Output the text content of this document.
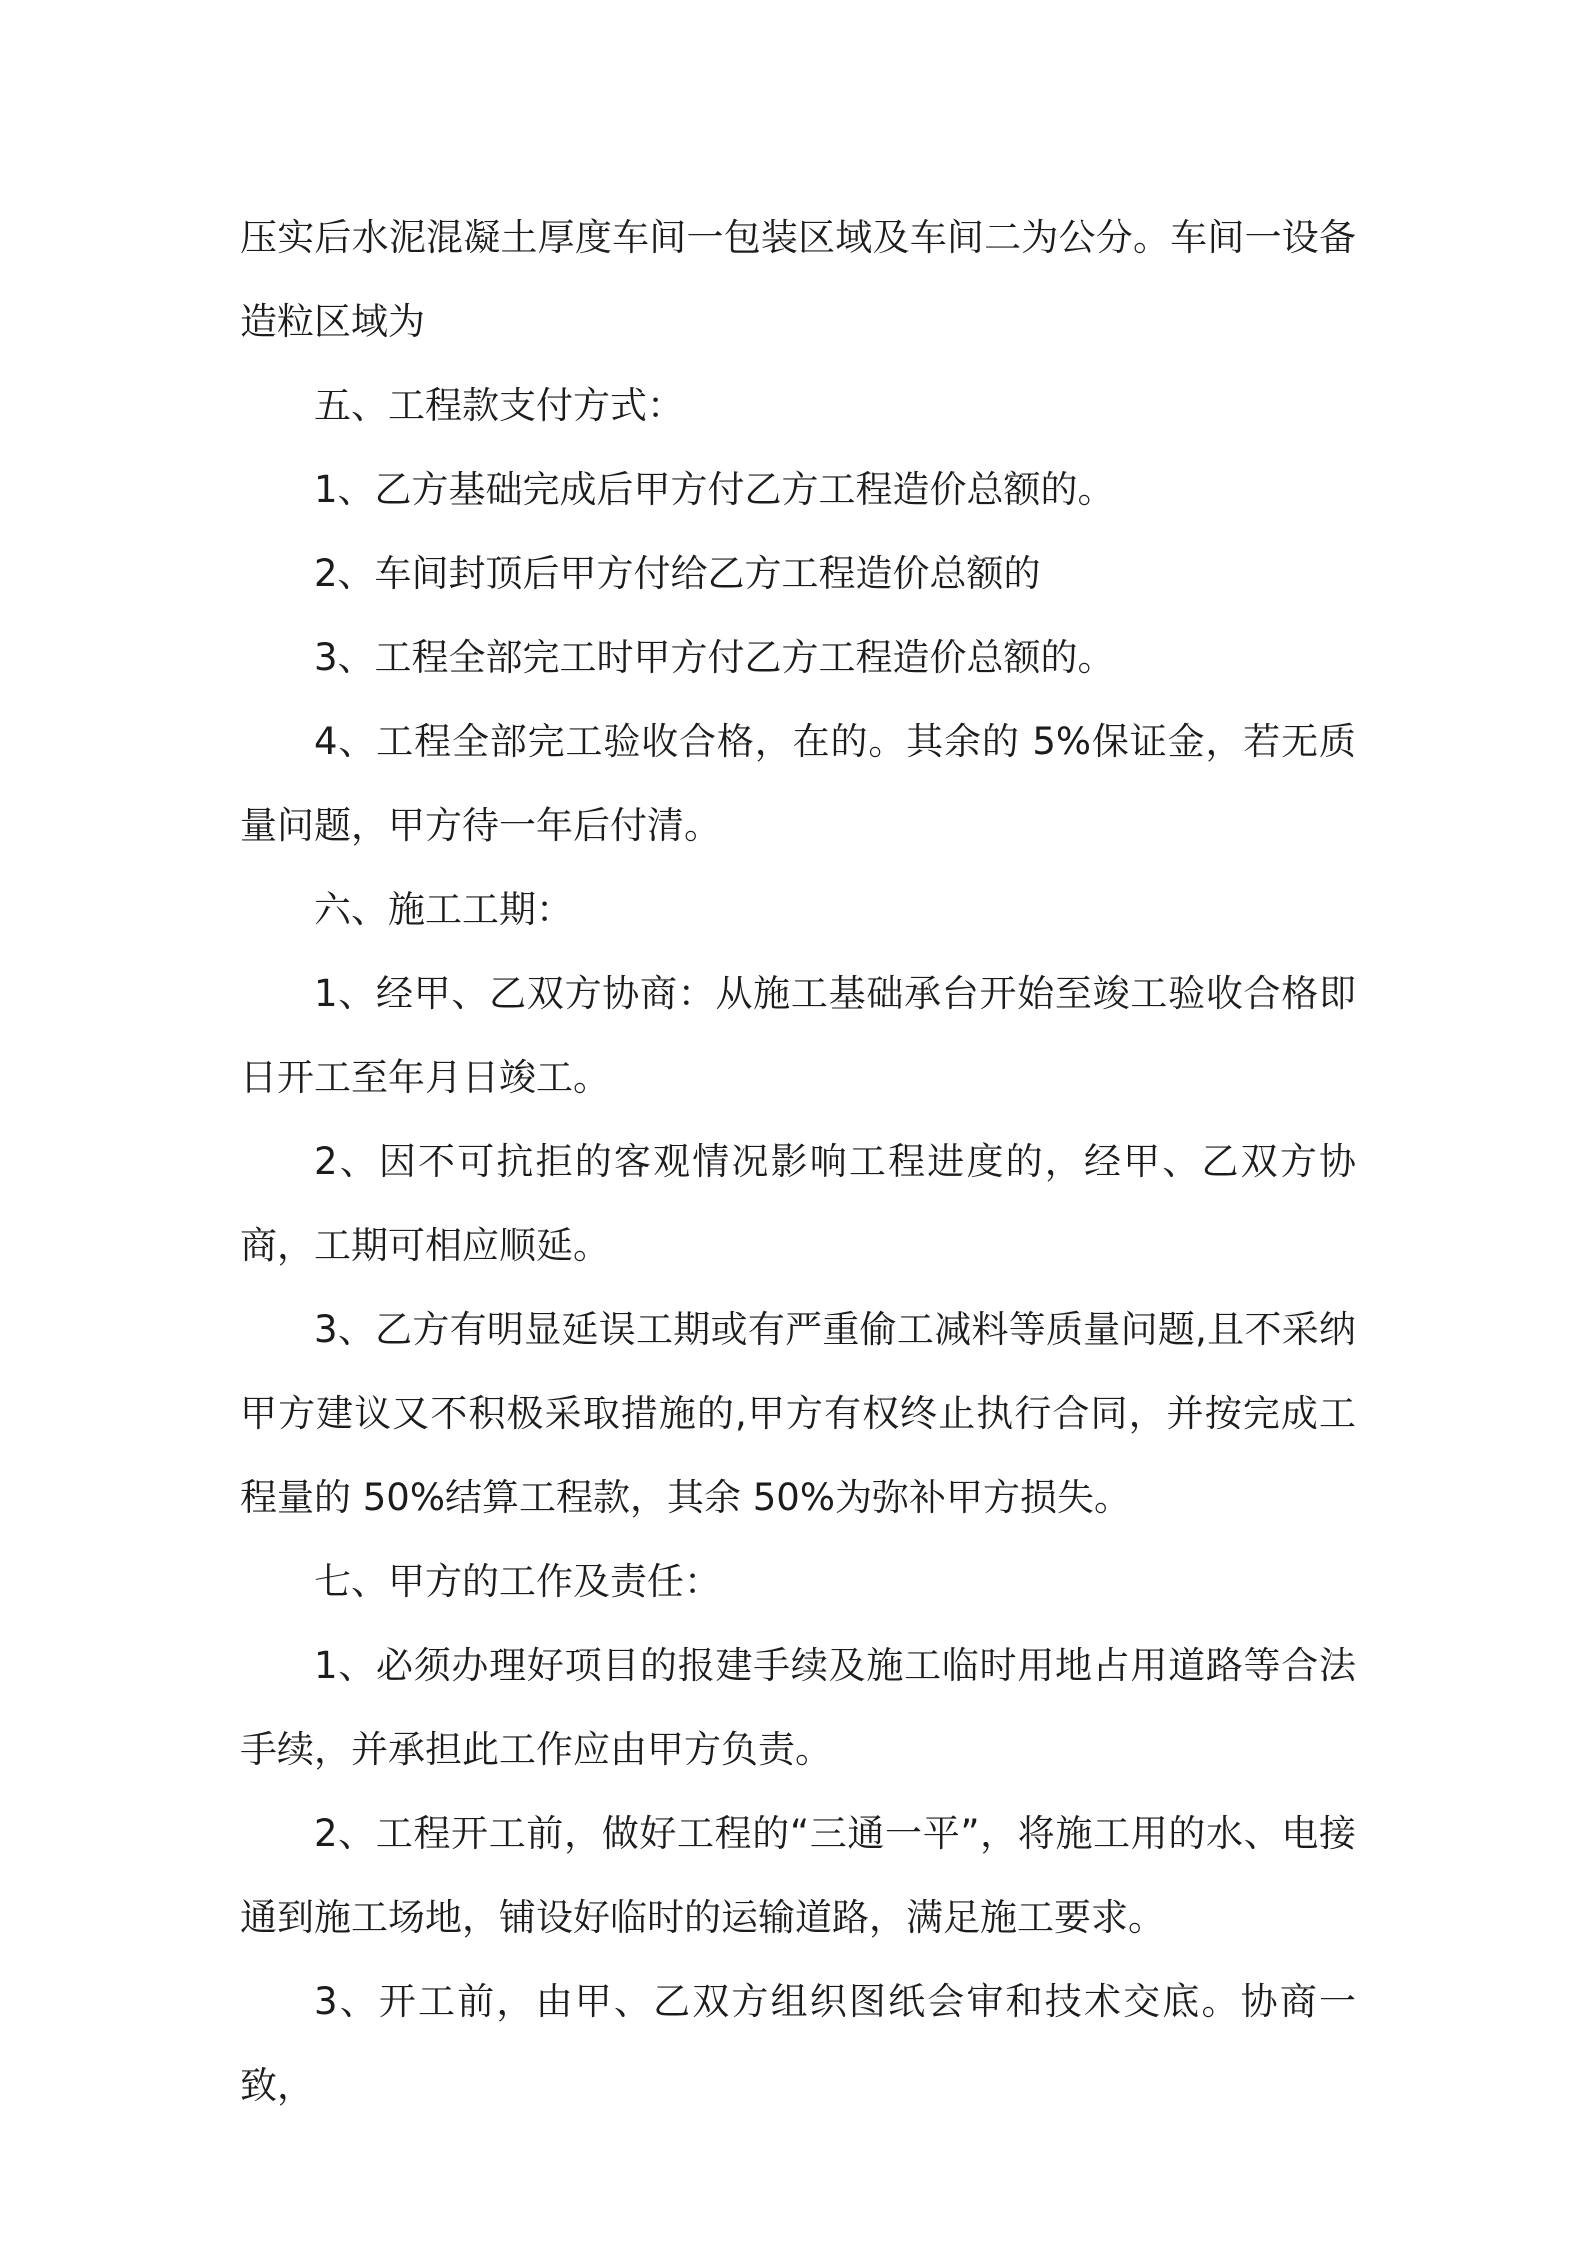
压实后水泥混凝土厚度车间一包装区域及车间二为公分。车间一设备造粒区域为

五、工程款支付方式：

1、乙方基础完成后甲方付乙方工程造价总额的。

2、车间封顶后甲方付给乙方工程造价总额的

3、工程全部完工时甲方付乙方工程造价总额的。

4、工程全部完工验收合格，在的。其余的 5%保证金，若无质量问题，甲方待一年后付清。

六、施工工期：

1、经甲、乙双方协商：从施工基础承台开始至竣工验收合格即日开工至年月日竣工。

2、因不可抗拒的客观情况影响工程进度的，经甲、乙双方协商，工期可相应顺延。

3、乙方有明显延误工期或有严重偷工减料等质量问题,且不采纳甲方建议又不积极采取措施的,甲方有权终止执行合同，并按完成工程量的 50%结算工程款，其余 50%为弥补甲方损失。

七、甲方的工作及责任：

1、必须办理好项目的报建手续及施工临时用地占用道路等合法手续，并承担此工作应由甲方负责。

2、工程开工前，做好工程的“三通一平”，将施工用的水、电接通到施工场地，铺设好临时的运输道路，满足施工要求。

3、开工前，由甲、乙双方组织图纸会审和技术交底。协商一致，
